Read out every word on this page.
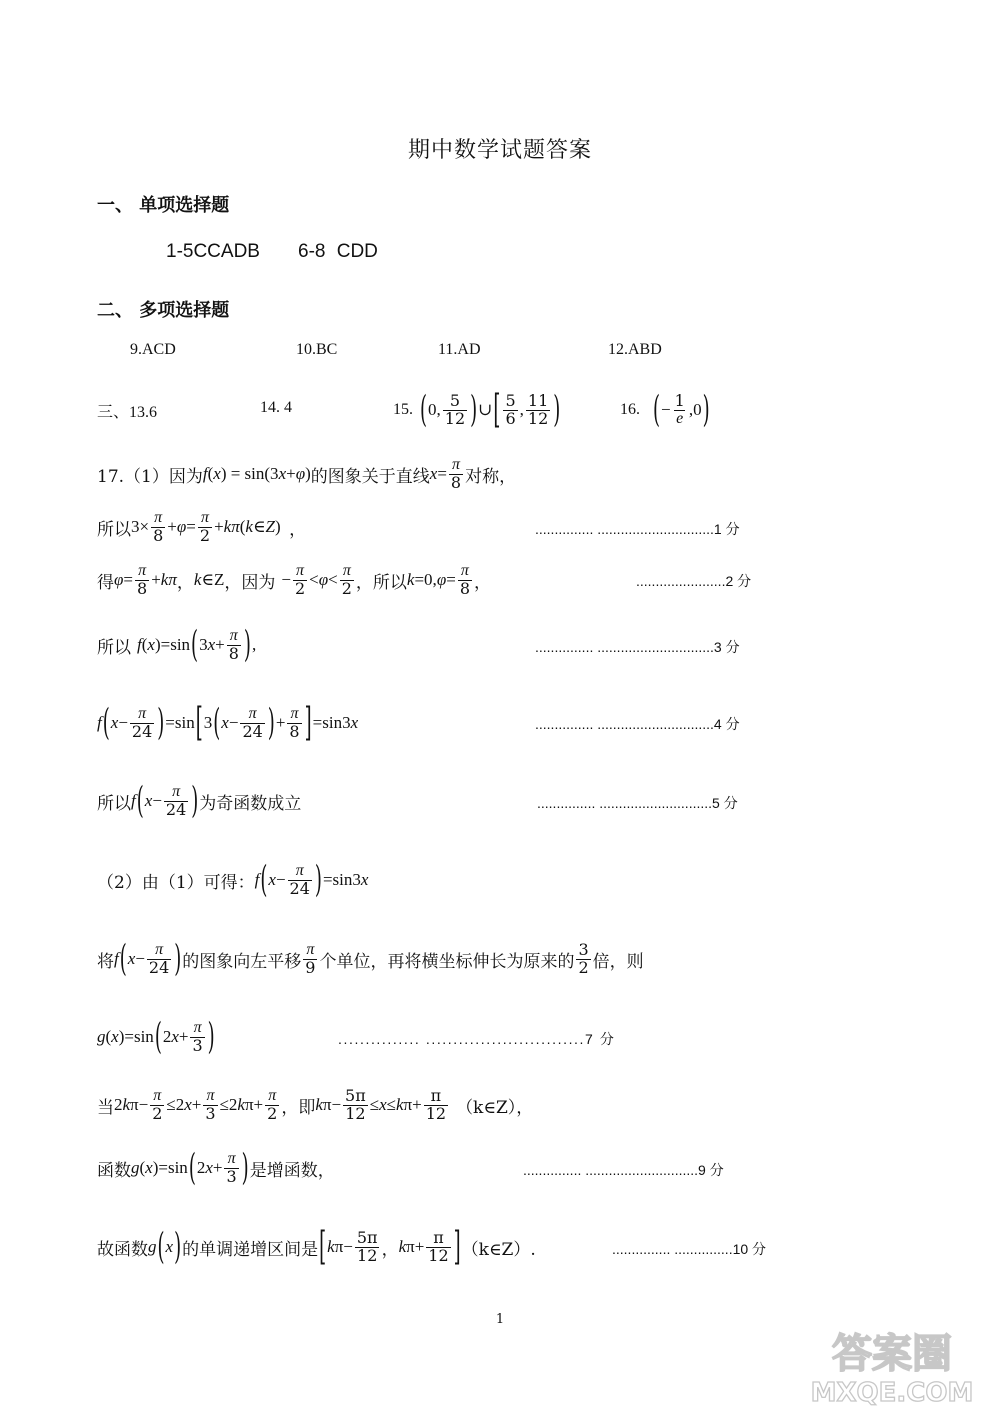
期中数学试题答案
一、 单项选择题
1-5CCADB 6-8 CDD
二、 多项选择题
9.ACD	10.BC	11.AD	12.ABD
三、13.6	14. 4	15. ( 0, $\frac{5}{12}$ ) ∪ [ $\frac{5}{6}$ , $\frac{11}{12}$ )	16. ( − $\frac{1}{e} ,0$ )
17.（1）因为 f ( x ) = sin(3 x + φ ) 的图象关于直线 $x = \frac{\pi}{8}$ 对称，
所以 $3\times \frac{\pi}{8} + \varphi = \frac{\pi}{2} + k\pi$ ( k ∈ Z ) ，	............... ..............................1 分
得 $\varphi = \frac{\pi}{8} + k\pi$ ， k ∈Z ，因为 − $\frac{\pi}{2} < \varphi < \frac{\pi}{2}$ ，所以 k =0, $\varphi = \frac{\pi}{8}$ ，	.......................2 分
所以 f ( x )=sin ( 3 $x + \frac{\pi}{8}$ ) ,	............... ..............................3 分
f ( $x - \frac{\pi}{24}$ ) =sin [ 3 ( $x - \frac{\pi}{24}$ ) + $\frac{\pi}{8}$ ] =sin3 x	............... ..............................4 分
所以 f ( $x - \frac{\pi}{24}$ ) 为奇函数成立	............... .............................5 分
（2）由（1）可得： f ( $x - \frac{\pi}{24}$ ) =sin3 x
将 f ( $x - \frac{\pi}{24}$ ) 的图象向左平移 $\frac{\pi}{9}$ 个单位，再将横坐标伸长为原来的 $\frac{3}{2}$ 倍，则
g ( x )=sin ( 2 $x + \frac{\pi}{3}$ )	............... .............................7 分
当 2 k $\pi- \frac{\pi}{2} \le 2$ $x + \frac{\pi}{3} \le 2$ k $\pi+ \frac{\pi}{2}$ ，即 k $\pi- \frac{5\pi}{12} \le x \le k$ $\pi+ \frac{\pi}{12}$ （k∈Z），
函数 g ( x )=sin ( 2 $x + \frac{\pi}{3}$ ) 是增函数，	............... .............................9 分
故函数 g ( x ) 的单调递增区间是 [ k $\pi- \frac{5\pi}{12}$ ， k $\pi+ \frac{\pi}{12}$ ] （k∈Z）.	............... ...............10 分
1
答案圈
MXQE.COM
